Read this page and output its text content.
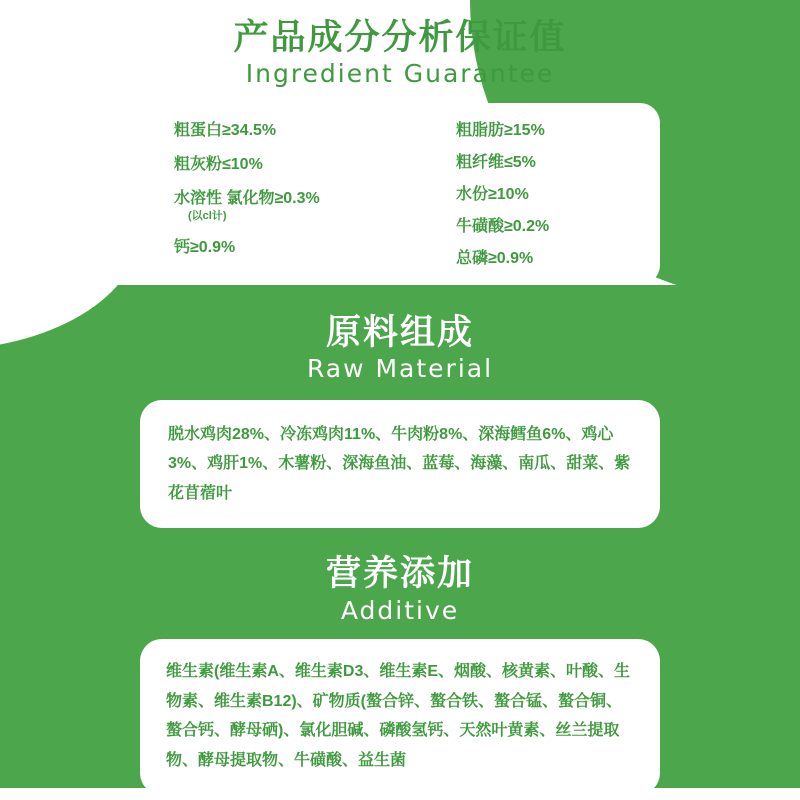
产品成分分析保证值
Ingredient Guarantee
粗蛋白≥34.5%
粗灰粉≤10%
水溶性 氯化物≥0.3%
(以cl计)
钙≥0.9%
粗脂肪≥15%
粗纤维≤5%
水份≥10%
牛磺酸≥0.2%
总磷≥0.9%
原料组成
Raw Material
脱水鸡肉28%、冷冻鸡肉11%、牛肉粉8%、深海鳕鱼6%、鸡心3%、鸡肝1%、木薯粉、深海鱼油、蓝莓、海藻、南瓜、甜菜、紫花苜蓿叶
营养添加
Additive
维生素(维生素A、维生素D3、维生素E、烟酸、核黄素、叶酸、生物素、维生素B12)、矿物质(螯合锌、螯合铁、螯合锰、螯合铜、螯合钙、酵母硒)、氯化胆碱、磷酸氢钙、天然叶黄素、丝兰提取物、酵母提取物、牛磺酸、益生菌
